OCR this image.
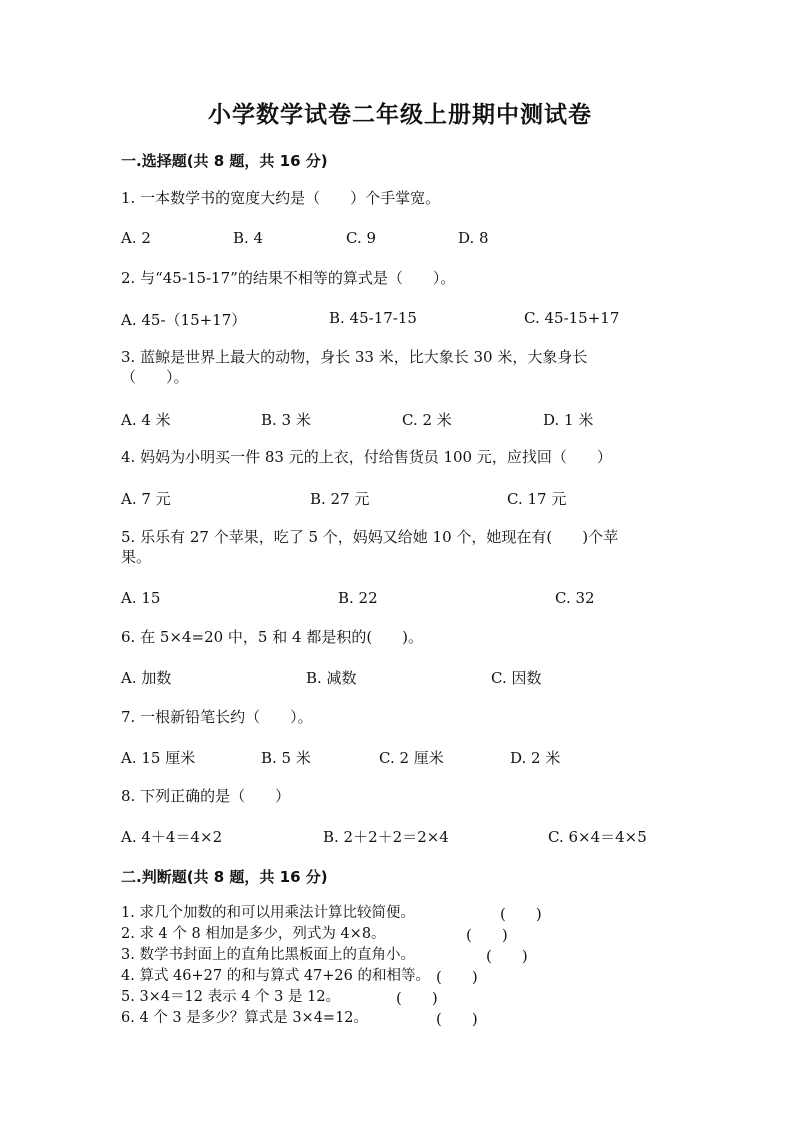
小学数学试卷二年级上册期中测试卷
一.选择题(共 8 题，共 16 分)
1. 一本数学书的宽度大约是（　　）个手掌宽。
A. 2	B. 4	C. 9	D. 8
2. 与“45-15-17”的结果不相等的算式是（　　）。
A. 45-（15+17）	B. 45-17-15	C. 45-15+17
3. 蓝鲸是世界上最大的动物，身长 33 米，比大象长 30 米，大象身长
（　　）。
A. 4 米	B. 3 米	C. 2 米	D. 1 米
4. 妈妈为小明买一件 83 元的上衣，付给售货员 100 元，应找回（　　）
A. 7 元	B. 27 元	C. 17 元
5. 乐乐有 27 个苹果，吃了 5 个，妈妈又给她 10 个，她现在有(　　)个苹
果。
A. 15	B. 22	C. 32
6. 在 5×4=20 中，5 和 4 都是积的(　　)。
A. 加数	B. 减数	C. 因数
7. 一根新铅笔长约（　　）。
A. 15 厘米	B. 5 米	C. 2 厘米	D. 2 米
8. 下列正确的是（　　）
A. 4＋4＝4×2	B. 2＋2＋2＝2×4	C. 6×4＝4×5
二.判断题(共 8 题，共 16 分)
1. 求几个加数的和可以用乘法计算比较简便。	(　　)
2. 求 4 个 8 相加是多少，列式为 4×8。	(　　)
3. 数学书封面上的直角比黑板面上的直角小。	(　　)
4. 算式 46+27 的和与算式 47+26 的和相等。 (　　)
5. 3×4＝12 表示 4 个 3 是 12。	(　　)
6. 4 个 3 是多少？算式是 3×4=12。	(　　)
